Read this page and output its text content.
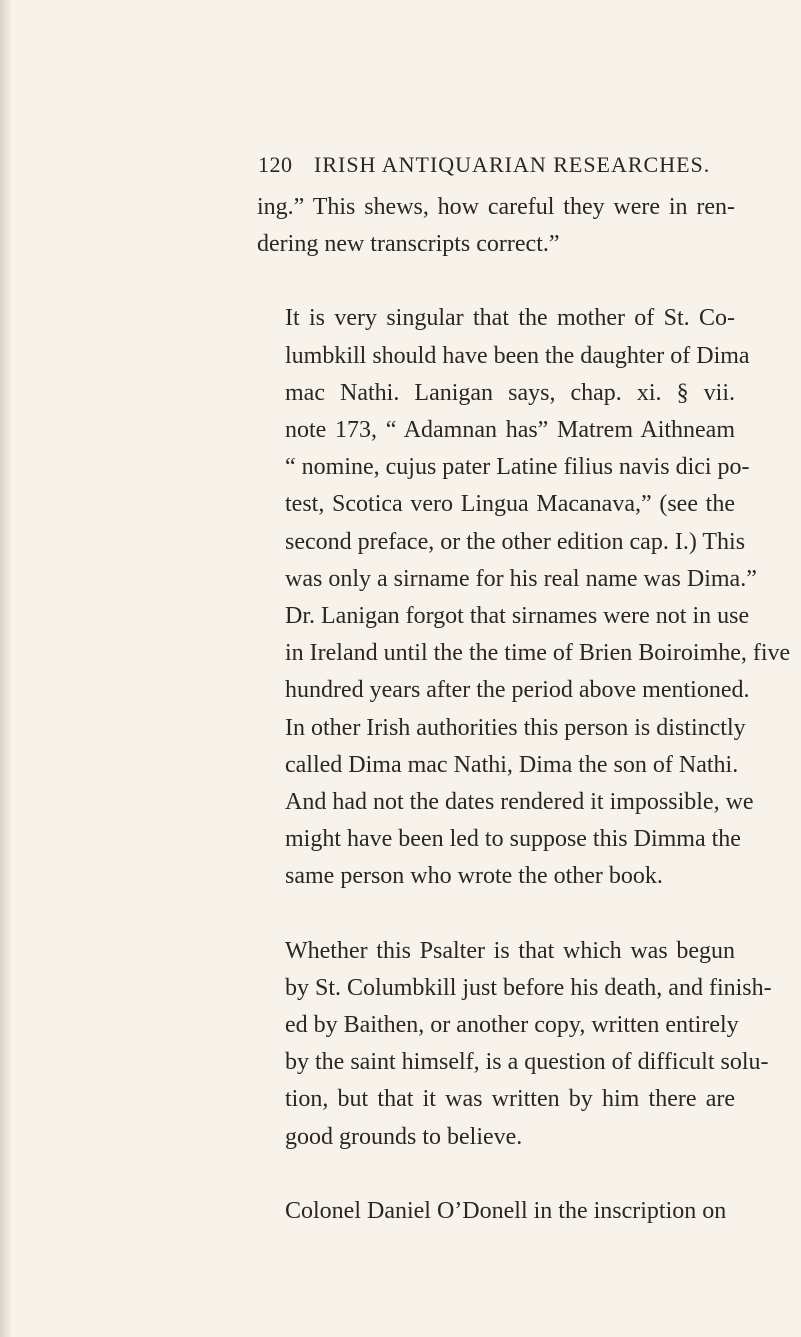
120 IRISH ANTIQUARIAN RESEARCHES.

ing.” This shews, how careful they were in ren-
dering new transcripts correct.”

It is very singular that the mother of St. Co-
lumbkill should have been the daughter of Dima
mac Nathi. Lanigan says, chap. xi. § vii.
note 173, “ Adamnan has” Matrem Aithneam
“ nomine, cujus pater Latine filius navis dici po-
test, Scotica vero Lingua Macanava,” (see the
second preface, or the other edition cap. I.) This
was only a sirname for his real name was Dima.”
Dr. Lanigan forgot that sirnames were not in use
in Ireland until the the time of Brien Boiroimhe, five
hundred years after the period above mentioned.
In other Irish authorities this person is distinctly
called Dima mac Nathi, Dima the son of Nathi.
And had not the dates rendered it impossible, we
might have been led to suppose this Dimma the
same person who wrote the other book.

Whether this Psalter is that which was begun
by St. Columbkill just before his death, and finish-
ed by Baithen, or another copy, written entirely
by the saint himself, is a question of difficult solu-
tion, but that it was written by him there are
good grounds to believe.

Colonel Daniel O’Donell in the inscription on
